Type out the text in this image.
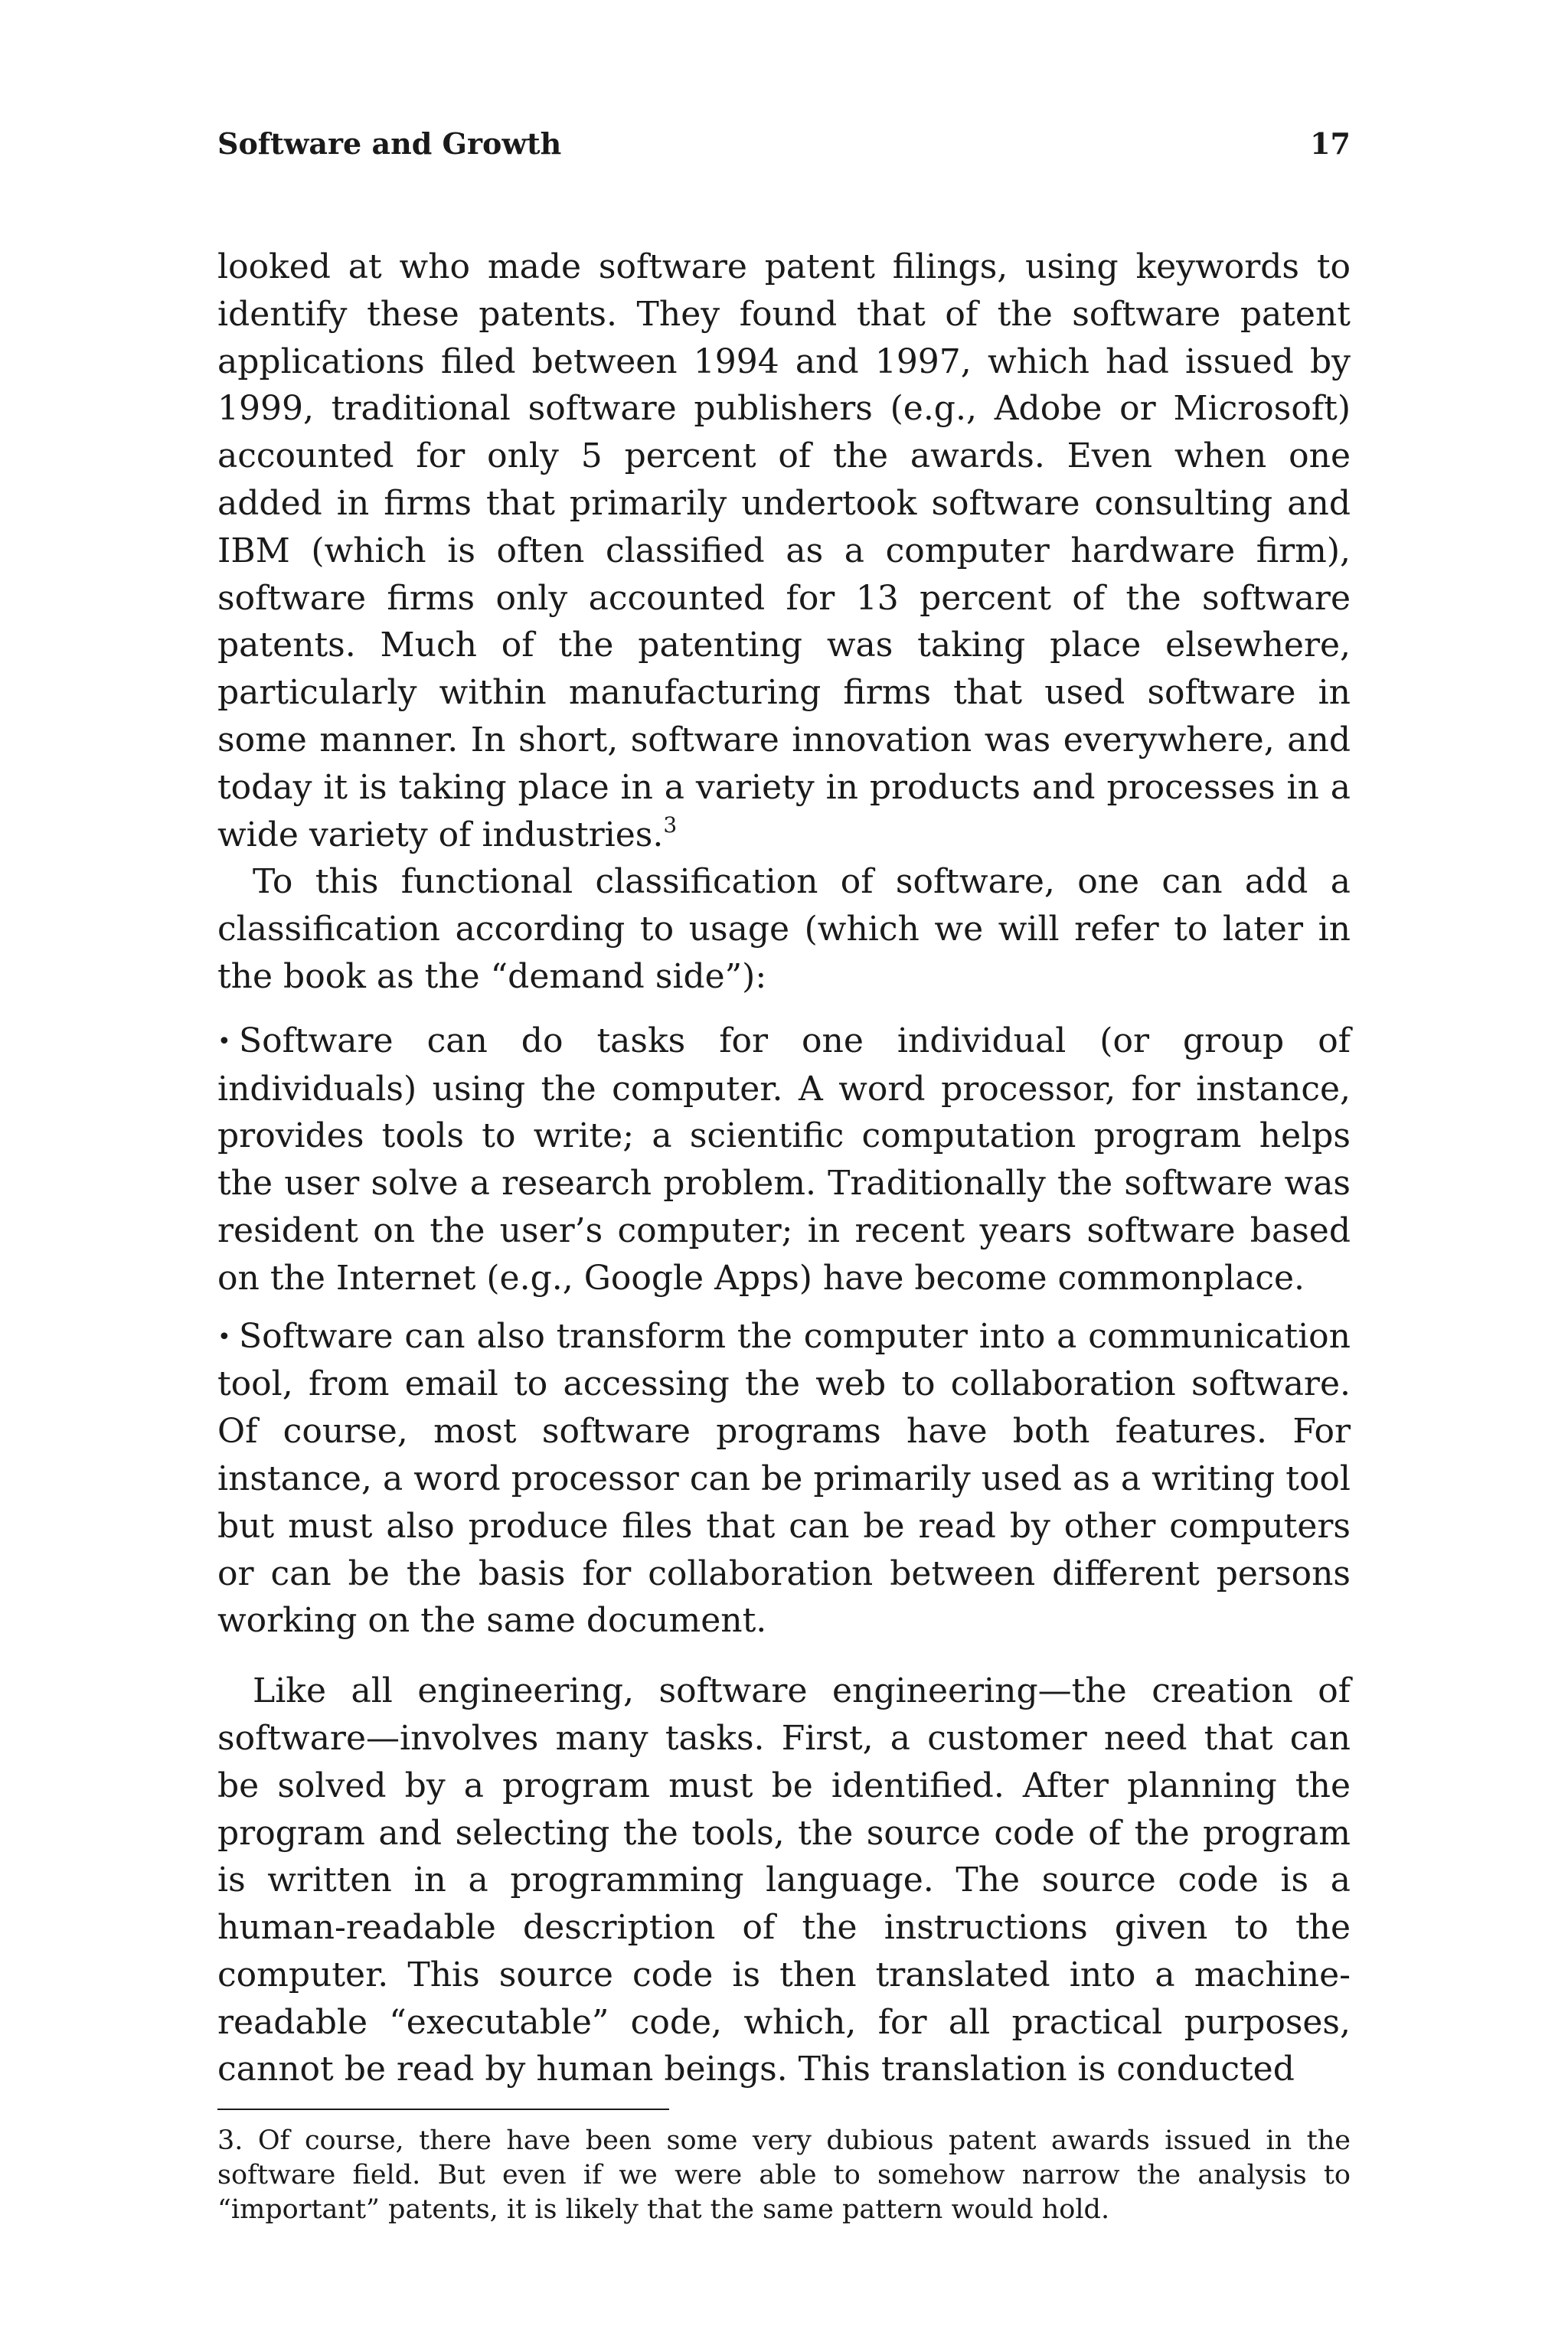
Software and Growth	17

looked at who made software patent filings, using keywords to identify these patents. They found that of the software patent applications filed between 1994 and 1997, which had issued by 1999, traditional software publishers (e.g., Adobe or Microsoft) accounted for only 5 percent of the awards. Even when one added in firms that primarily undertook software consulting and IBM (which is often classified as a computer hardware firm), software firms only accounted for 13 percent of the software patents. Much of the patenting was taking place elsewhere, particularly within manufacturing firms that used software in some manner. In short, software innovation was everywhere, and today it is taking place in a variety in products and processes in a wide variety of industries.$^3$

To this functional classification of software, one can add a classification according to usage (which we will refer to later in the book as the “demand side”):

• Software can do tasks for one individual (or group of individuals) using the computer. A word processor, for instance, provides tools to write; a scientific computation program helps the user solve a research problem. Traditionally the software was resident on the user’s computer; in recent years software based on the Internet (e.g., Google Apps) have become commonplace.
• Software can also transform the computer into a communication tool, from email to accessing the web to collaboration software. Of course, most software programs have both features. For instance, a word processor can be primarily used as a writing tool but must also produce files that can be read by other computers or can be the basis for collaboration between different persons working on the same document.

Like all engineering, software engineering—the creation of software—involves many tasks. First, a customer need that can be solved by a program must be identified. After planning the program and selecting the tools, the source code of the program is written in a programming language. The source code is a human-readable description of the instructions given to the computer. This source code is then translated into a machine-readable “executable” code, which, for all practical purposes, cannot be read by human beings. This translation is conducted

3. Of course, there have been some very dubious patent awards issued in the software field. But even if we were able to somehow narrow the analysis to “important” patents, it is likely that the same pattern would hold.
